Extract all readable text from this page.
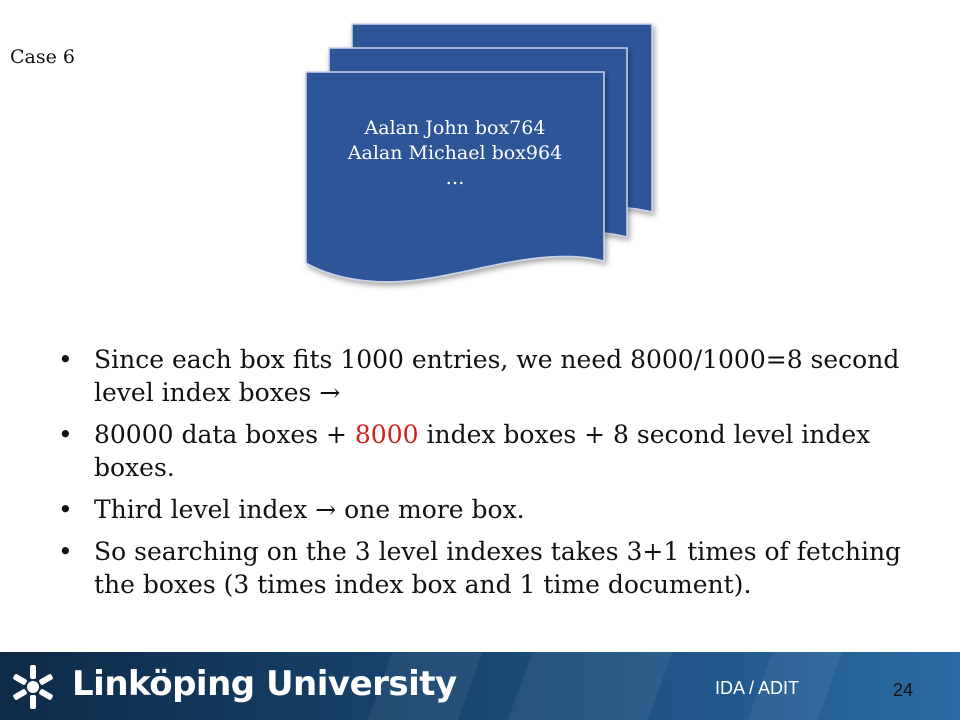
Case 6
Aalan John box764
Aalan Michael box964
…
• Since each box fits 1000 entries, we need 8000/1000=8 second level index boxes →
• 80000 data boxes + 8000 index boxes + 8 second level index boxes.
• Third level index → one more box.
• So searching on the 3 level indexes takes 3+1 times of fetching the boxes (3 times index box and 1 time document).
Linköping University	IDA / ADIT	24
